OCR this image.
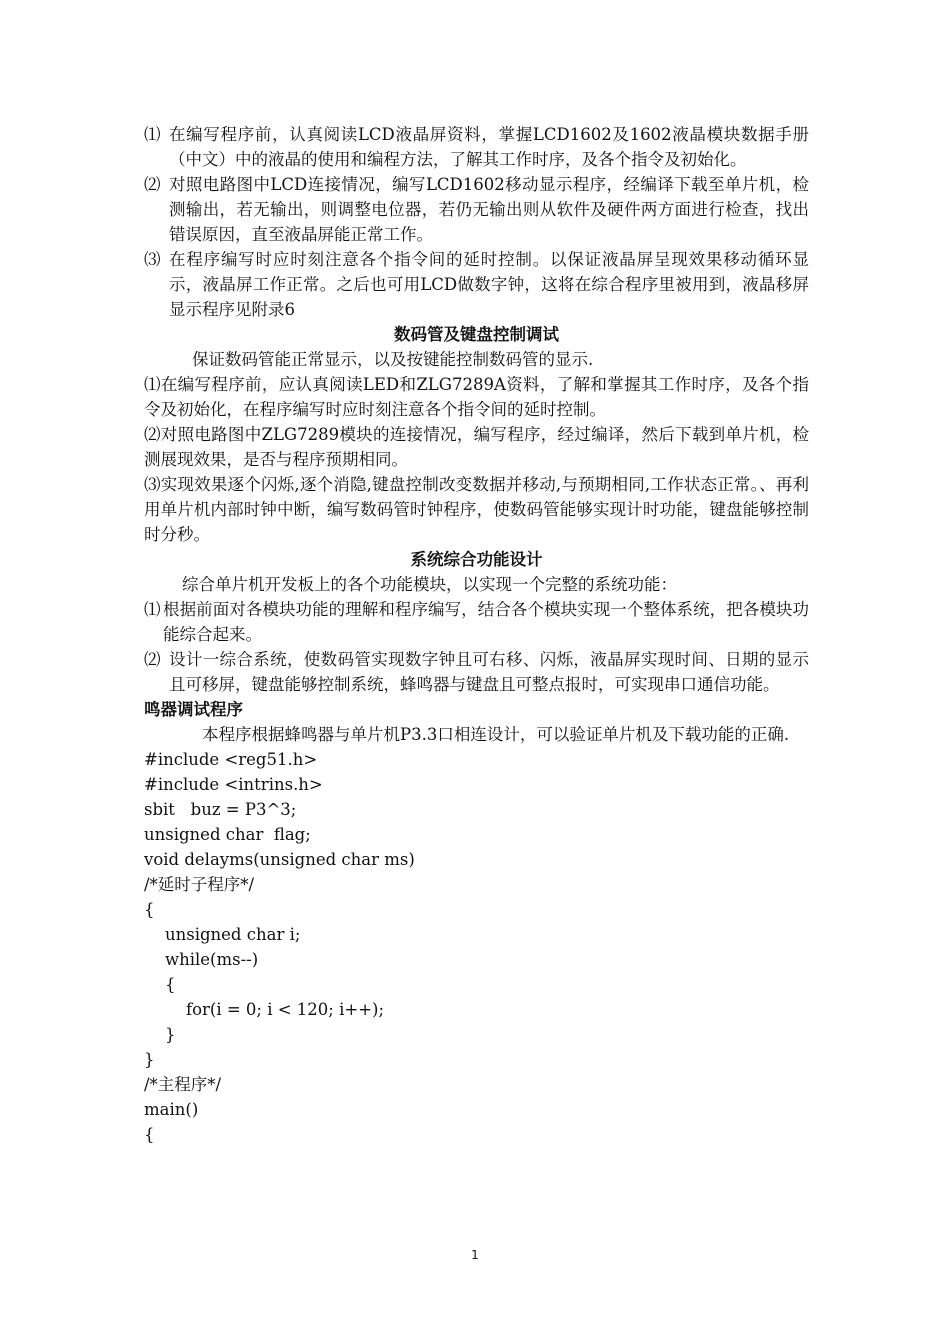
⑴ 在编写程序前，认真阅读LCD液晶屏资料，掌握LCD1602及1602液晶模块数据手册（中文）中的液晶的使用和编程方法，了解其工作时序，及各个指令及初始化。

⑵ 对照电路图中LCD连接情况，编写LCD1602移动显示程序，经编译下载至单片机，检测输出，若无输出，则调整电位器，若仍无输出则从软件及硬件两方面进行检查，找出错误原因，直至液晶屏能正常工作。

⑶ 在程序编写时应时刻注意各个指令间的延时控制。以保证液晶屏呈现效果移动循环显示，液晶屏工作正常。之后也可用LCD做数字钟，这将在综合程序里被用到，液晶移屏显示程序见附录6

数码管及键盘控制调试

保证数码管能正常显示，以及按键能控制数码管的显示.

⑴在编写程序前，应认真阅读LED和ZLG7289A资料，了解和掌握其工作时序，及各个指令及初始化，在程序编写时应时刻注意各个指令间的延时控制。

⑵对照电路图中ZLG7289模块的连接情况，编写程序，经过编译，然后下载到单片机，检测展现效果，是否与程序预期相同。

⑶实现效果逐个闪烁,逐个消隐,键盘控制改变数据并移动,与预期相同,工作状态正常。、再利用单片机内部时钟中断，编写数码管时钟程序，使数码管能够实现计时功能，键盘能够控制时分秒。

系统综合功能设计

综合单片机开发板上的各个功能模块，以实现一个完整的系统功能：

⑴ 根据前面对各模块功能的理解和程序编写，结合各个模块实现一个整体系统，把各模块功能综合起来。

⑵ 设计一综合系统，使数码管实现数字钟且可右移、闪烁，液晶屏实现时间、日期的显示且可移屏，键盘能够控制系统，蜂鸣器与键盘且可整点报时，可实现串口通信功能。

鸣器调试程序

本程序根据蜂鸣器与单片机P3.3口相连设计，可以验证单片机及下载功能的正确.

#include <reg51.h>
#include <intrins.h>
sbit   buz = P3^3;
unsigned char  flag;
void delayms(unsigned char ms)
/*延时子程序*/
{
unsigned char i;
while(ms--)
{
for(i = 0; i < 120; i++);
}
}
/*主程序*/
main()
{
1
